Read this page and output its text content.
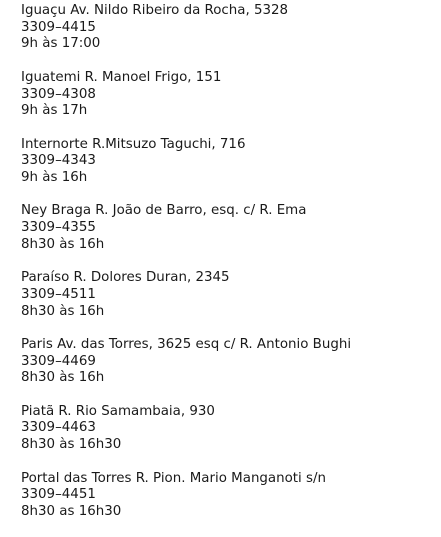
Iguaçu Av. Nildo Ribeiro da Rocha, 5328
3309–4415
9h às 17:00
Iguatemi R. Manoel Frigo, 151
3309–4308
9h às 17h
Internorte R.Mitsuzo Taguchi, 716
3309–4343
9h às 16h
Ney Braga R. João de Barro, esq. c/ R. Ema
3309–4355
8h30 às 16h
Paraíso R. Dolores Duran, 2345
3309–4511
8h30 às 16h
Paris Av. das Torres, 3625 esq c/ R. Antonio Bughi
3309–4469
8h30 às 16h
Piatã R. Rio Samambaia, 930
3309–4463
8h30 às 16h30
Portal das Torres R. Pion. Mario Manganoti s/n
3309–4451
8h30 as 16h30
